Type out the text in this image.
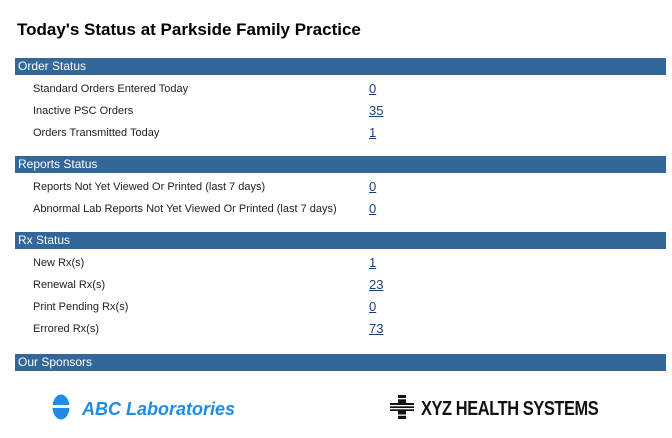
Today's Status at Parkside Family Practice
Order Status
Standard Orders Entered Today	0
Inactive PSC Orders	35
Orders Transmitted Today	1
Reports Status
Reports Not Yet Viewed Or Printed (last 7 days)	0
Abnormal Lab Reports Not Yet Viewed Or Printed (last 7 days) 0
Rx Status
New Rx(s)	1
Renewal Rx(s)	23
Print Pending Rx(s)	0
Errored Rx(s)	73
Our Sponsors
ABC Laboratories	XYZ HEALTH SYSTEMS
